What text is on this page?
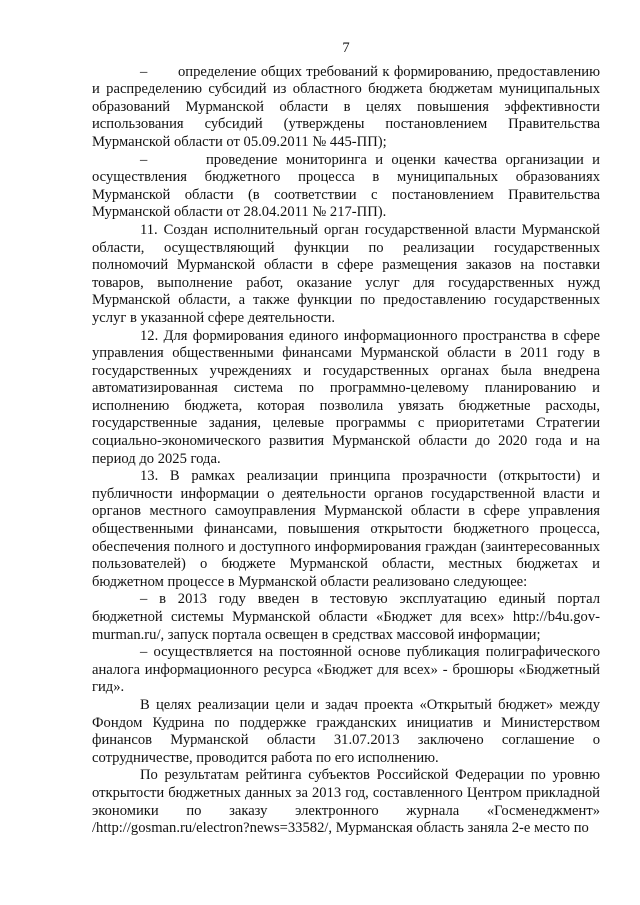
7

–       определение общих требований к формированию, предоставлению и распределению субсидий из областного бюджета бюджетам муниципальных образований Мурманской области в целях повышения эффективности использования субсидий (утверждены постановлением Правительства Мурманской области от 05.09.2011 № 445-ПП);

–       проведение мониторинга и оценки качества организации и осуществления бюджетного процесса в муниципальных образованиях Мурманской области (в соответствии с постановлением Правительства Мурманской области от 28.04.2011 № 217-ПП).

11. Создан исполнительный орган государственной власти Мурманской области, осуществляющий функции по реализации государственных полномочий Мурманской области в сфере размещения заказов на поставки товаров, выполнение работ, оказание услуг для государственных нужд Мурманской области, а также функции по предоставлению государственных услуг в указанной сфере деятельности.

12. Для формирования единого информационного пространства в сфере управления общественными финансами Мурманской области в 2011 году в государственных учреждениях и государственных органах была внедрена автоматизированная система по программно-целевому планированию и исполнению бюджета, которая позволила увязать бюджетные расходы, государственные задания, целевые программы с приоритетами Стратегии социально-экономического развития Мурманской области до 2020 года и на период до 2025 года.

13. В рамках реализации принципа прозрачности (открытости) и публичности информации о деятельности органов государственной власти и органов местного самоуправления Мурманской области в сфере управления общественными финансами, повышения открытости бюджетного процесса, обеспечения полного и доступного информирования граждан (заинтересованных пользователей) о бюджете Мурманской области, местных бюджетах и бюджетном процессе в Мурманской области реализовано следующее:

– в 2013 году введен в тестовую эксплуатацию единый портал бюджетной системы Мурманской области «Бюджет для всех» http://b4u.gov-murman.ru/, запуск портала освещен в средствах массовой информации;

– осуществляется на постоянной основе публикация полиграфического аналога информационного ресурса «Бюджет для всех» - брошюры «Бюджетный гид».

В целях реализации цели и задач проекта «Открытый бюджет» между Фондом Кудрина по поддержке гражданских инициатив и Министерством финансов Мурманской области 31.07.2013 заключено соглашение о сотрудничестве, проводится работа по его исполнению.

По результатам рейтинга субъектов Российской Федерации по уровню открытости бюджетных данных за 2013 год, составленного Центром прикладной экономики по заказу электронного журнала «Госменеджмент» /http://gosman.ru/electron?news=33582/, Мурманская область заняла 2-е место по
